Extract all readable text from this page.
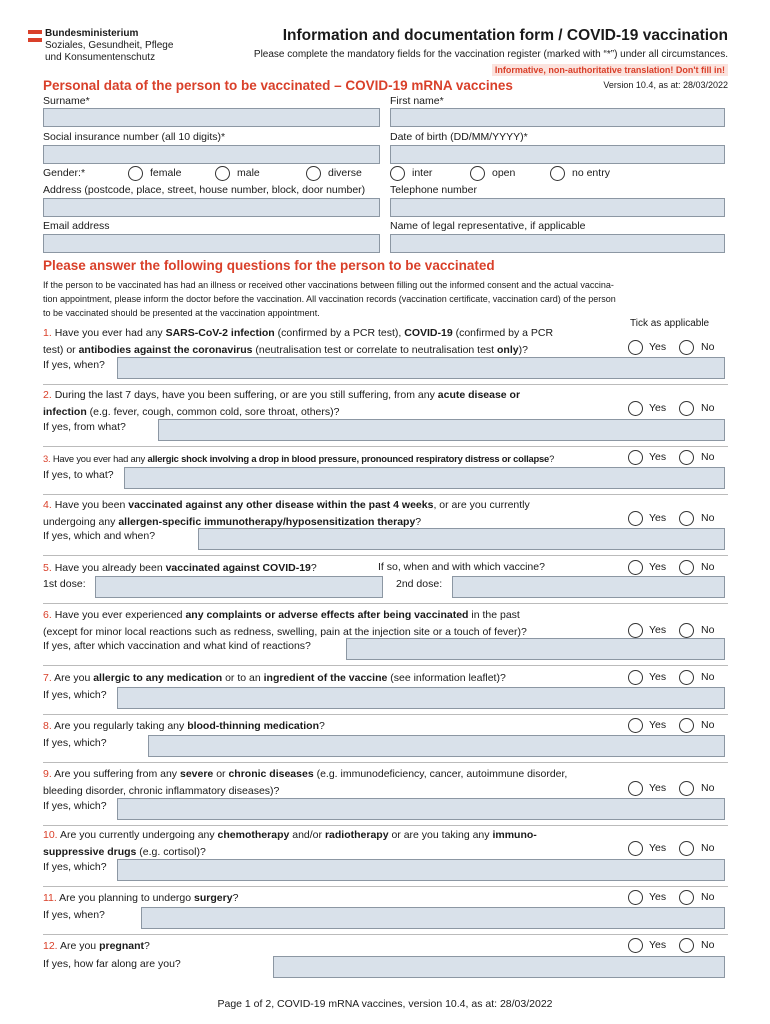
Bundesministerium
Soziales, Gesundheit, Pflege
und Konsumentenschutz
Information and documentation form / COVID-19 vaccination
Please complete the mandatory fields for the vaccination register (marked with “*”) under all circumstances.
Informative, non-authoritative translation! Don't fill in!
Version 10.4, as at: 28/03/2022
Personal data of the person to be vaccinated – COVID-19 mRNA vaccines
Surname*	First name*
Social insurance number (all 10 digits)*	Date of birth (DD/MM/YYYY)*
Gender:*	female	male	diverse	inter	open	no entry
Address (postcode, place, street, house number, block, door number) Telephone number
Email address	Name of legal representative, if applicable
Please answer the following questions for the person to be vaccinated
If the person to be vaccinated has had an illness or received other vaccinations between filling out the informed consent and the actual vaccina-
tion appointment, please inform the doctor before the vaccination. All vaccination records (vaccination certificate, vaccination card) of the person
to be vaccinated should be presented at the vaccination appointment.
Tick as applicable
1. Have you ever had any SARS-CoV-2 infection (confirmed by a PCR test), COVID-19 (confirmed by a PCR
test) or antibodies against the coronavirus (neutralisation test or correlate to neutralisation test only)?	Yes	No
If yes, when?
2. During the last 7 days, have you been suffering, or are you still suffering, from any acute disease or
infection (e.g. fever, cough, common cold, sore throat, others)?	Yes	No
If yes, from what?
3. Have you ever had any allergic shock involving a drop in blood pressure, pronounced respiratory distress or collapse?	Yes	No
If yes, to what?
4. Have you been vaccinated against any other disease within the past 4 weeks, or are you currently
undergoing any allergen-specific immunotherapy/hyposensitization therapy?	Yes	No
If yes, which and when?
5. Have you already been vaccinated against COVID-19?	If so, when and with which vaccine?	Yes	No
1st dose:	2nd dose:
6. Have you ever experienced any complaints or adverse effects after being vaccinated in the past
(except for minor local reactions such as redness, swelling, pain at the injection site or a touch of fever)?	Yes	No
If yes, after which vaccination and what kind of reactions?
7. Are you allergic to any medication or to an ingredient of the vaccine (see information leaflet)?	Yes	No
If yes, which?
8. Are you regularly taking any blood-thinning medication?	Yes	No
If yes, which?
9. Are you suffering from any severe or chronic diseases (e.g. immunodeficiency, cancer, autoimmune disorder,
bleeding disorder, chronic inflammatory diseases)?	Yes	No
If yes, which?
10. Are you currently undergoing any chemotherapy and/or radiotherapy or are you taking any immuno-
suppressive drugs (e.g. cortisol)?	Yes	No
If yes, which?
11. Are you planning to undergo surgery?	Yes	No
If yes, when?
12. Are you pregnant?	Yes	No
If yes, how far along are you?
Page 1 of 2, COVID-19 mRNA vaccines, version 10.4, as at: 28/03/2022
